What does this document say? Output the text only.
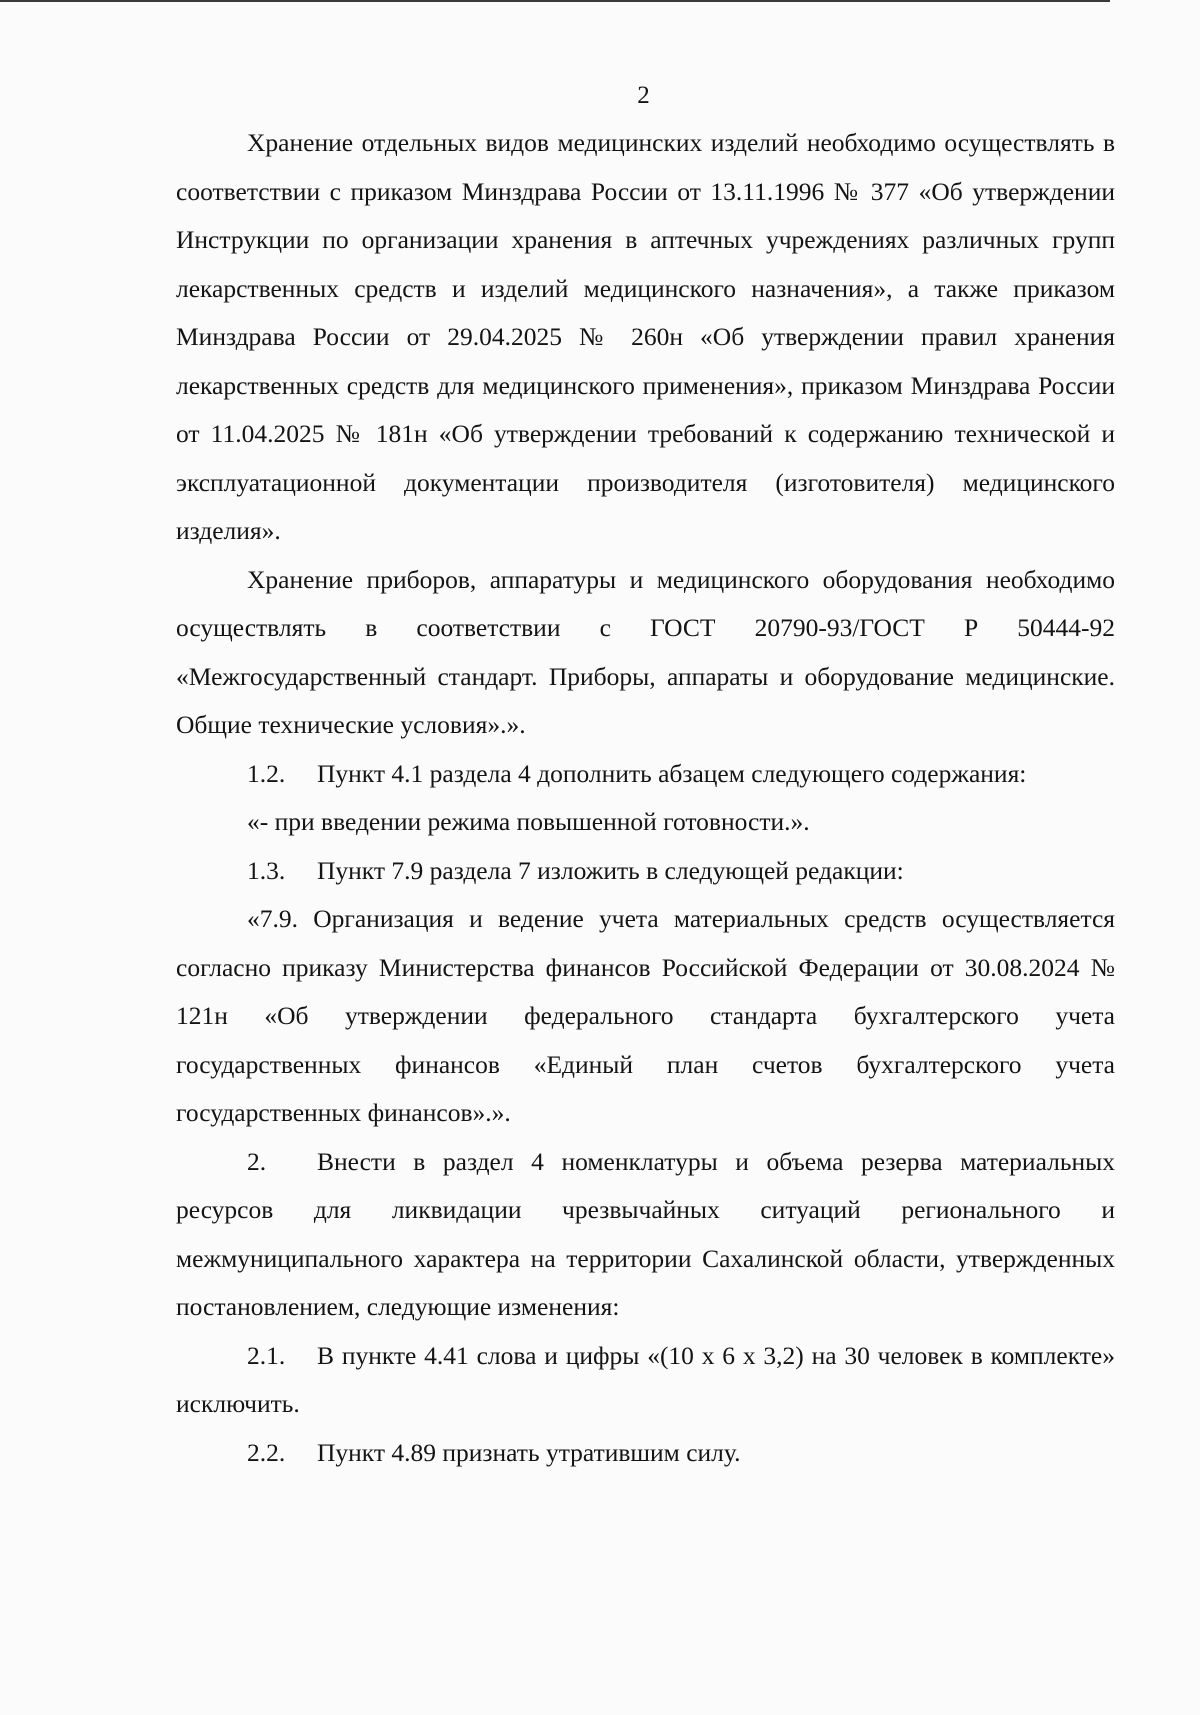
2

Хранение отдельных видов медицинских изделий необходимо осуществлять в соответствии с приказом Минздрава России от 13.11.1996 № 377 «Об утверждении Инструкции по организации хранения в аптечных учреждениях различных групп лекарственных средств и изделий медицинского назначения», а также приказом Минздрава России от 29.04.2025 № 260н «Об утверждении правил хранения лекарственных средств для медицинского применения», приказом Минздрава России от 11.04.2025 № 181н «Об утверждении требований к содержанию технической и эксплуатационной документации производителя (изготовителя) медицинского изделия».

Хранение приборов, аппаратуры и медицинского оборудования необходимо осуществлять в соответствии с ГОСТ 20790-93/ГОСТ Р 50444-92 «Межгосударственный стандарт. Приборы, аппараты и оборудование медицинские. Общие технические условия».».

1.2. Пункт 4.1 раздела 4 дополнить абзацем следующего содержания:

«- при введении режима повышенной готовности.».

1.3. Пункт 7.9 раздела 7 изложить в следующей редакции:

«7.9. Организация и ведение учета материальных средств осуществляется согласно приказу Министерства финансов Российской Федерации от 30.08.2024 № 121н «Об утверждении федерального стандарта бухгалтерского учета государственных финансов «Единый план счетов бухгалтерского учета государственных финансов».».

2. Внести в раздел 4 номенклатуры и объема резерва материальных ресурсов для ликвидации чрезвычайных ситуаций регионального и межмуниципального характера на территории Сахалинской области, утвержденных постановлением, следующие изменения:

2.1. В пункте 4.41 слова и цифры «(10 х 6 х 3,2) на 30 человек в комплекте» исключить.

2.2. Пункт 4.89 признать утратившим силу.
